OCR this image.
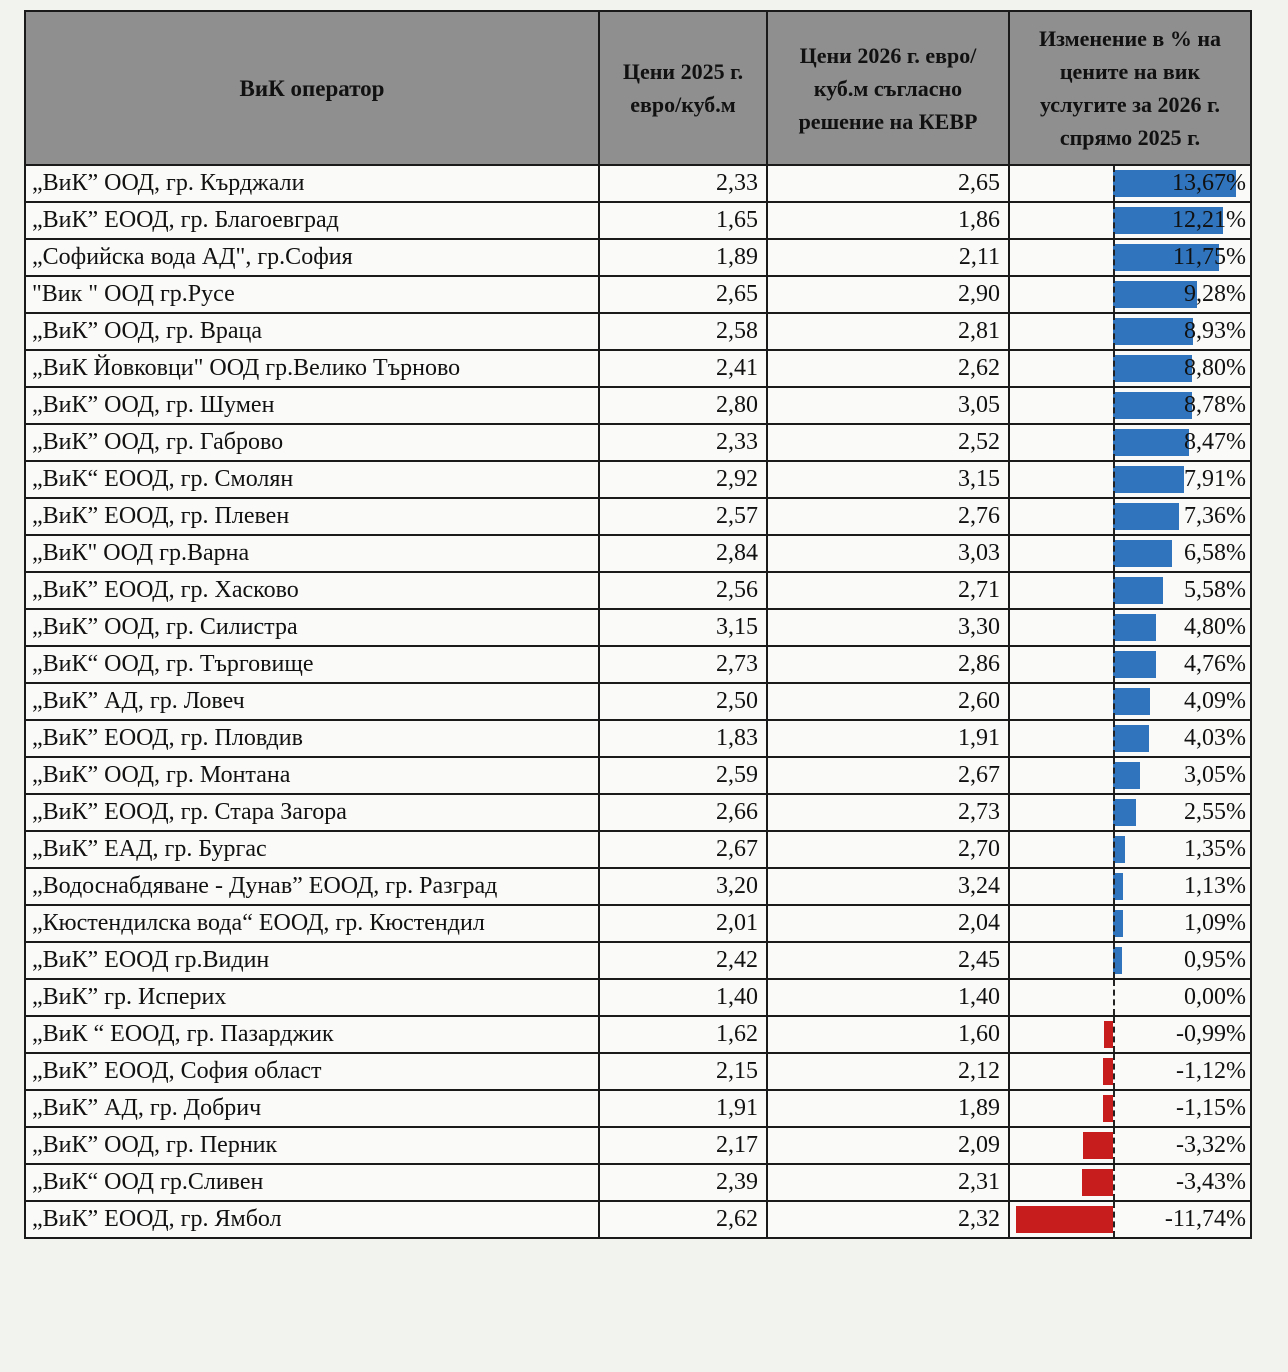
ВиК оператор	Цени 2025 г. евро/куб.м	Цени 2026 г. евро/куб.м съгласно решение на КЕВР	Изменение в % на цените на вик услугите за 2026 г. спрямо 2025 г.
„ВиК” ООД, гр. Кърджали	2,33	2,65	13,67%

„ВиК” ЕООД, гр. Благоевград	1,65	1,86	12,21%

„Софийска вода АД", гр.София	1,89	2,11	11,75%

"Вик " ООД гр.Русе	2,65	2,90	9,28%

„ВиК” ООД, гр. Враца	2,58	2,81	8,93%

„ВиК Йовковци" ООД гр.Велико Търново	2,41	2,62	8,80%

„ВиК” ООД, гр. Шумен	2,80	3,05	8,78%

„ВиК” ООД, гр. Габрово	2,33	2,52	8,47%

„ВиК“ ЕООД, гр. Смолян	2,92	3,15	7,91%

„ВиК” ЕООД, гр. Плевен	2,57	2,76	7,36%

„ВиК" ООД гр.Варна	2,84	3,03	6,58%

„ВиК” ЕООД, гр. Хасково	2,56	2,71	5,58%

„ВиК” ООД, гр. Силистра	3,15	3,30	4,80%

„ВиК“ ООД, гр. Търговище	2,73	2,86	4,76%

„ВиК” АД, гр. Ловеч	2,50	2,60	4,09%

„ВиК” ЕООД, гр. Пловдив	1,83	1,91	4,03%

„ВиК” ООД, гр. Монтана	2,59	2,67	3,05%

„ВиК” ЕООД, гр. Стара Загора	2,66	2,73	2,55%

„ВиК” ЕАД, гр. Бургас	2,67	2,70	1,35%

„Водоснабдяване - Дунав” ЕООД, гр. Разград	3,20	3,24	1,13%

„Кюстендилска вода“ ЕООД, гр. Кюстендил	2,01	2,04	1,09%

„ВиК” ЕООД гр.Видин	2,42	2,45	0,95%

„ВиК” гр. Исперих	1,40	1,40	0,00%

„ВиК “ ЕООД, гр. Пазарджик	1,62	1,60	-0,99%

„ВиК” ЕООД, София област	2,15	2,12	-1,12%

„ВиК” АД, гр. Добрич	1,91	1,89	-1,15%

„ВиК” ООД, гр. Перник	2,17	2,09	-3,32%

„ВиК“ ООД гр.Сливен	2,39	2,31	-3,43%

„ВиК” ЕООД, гр. Ямбол	2,62	2,32	-11,74%
